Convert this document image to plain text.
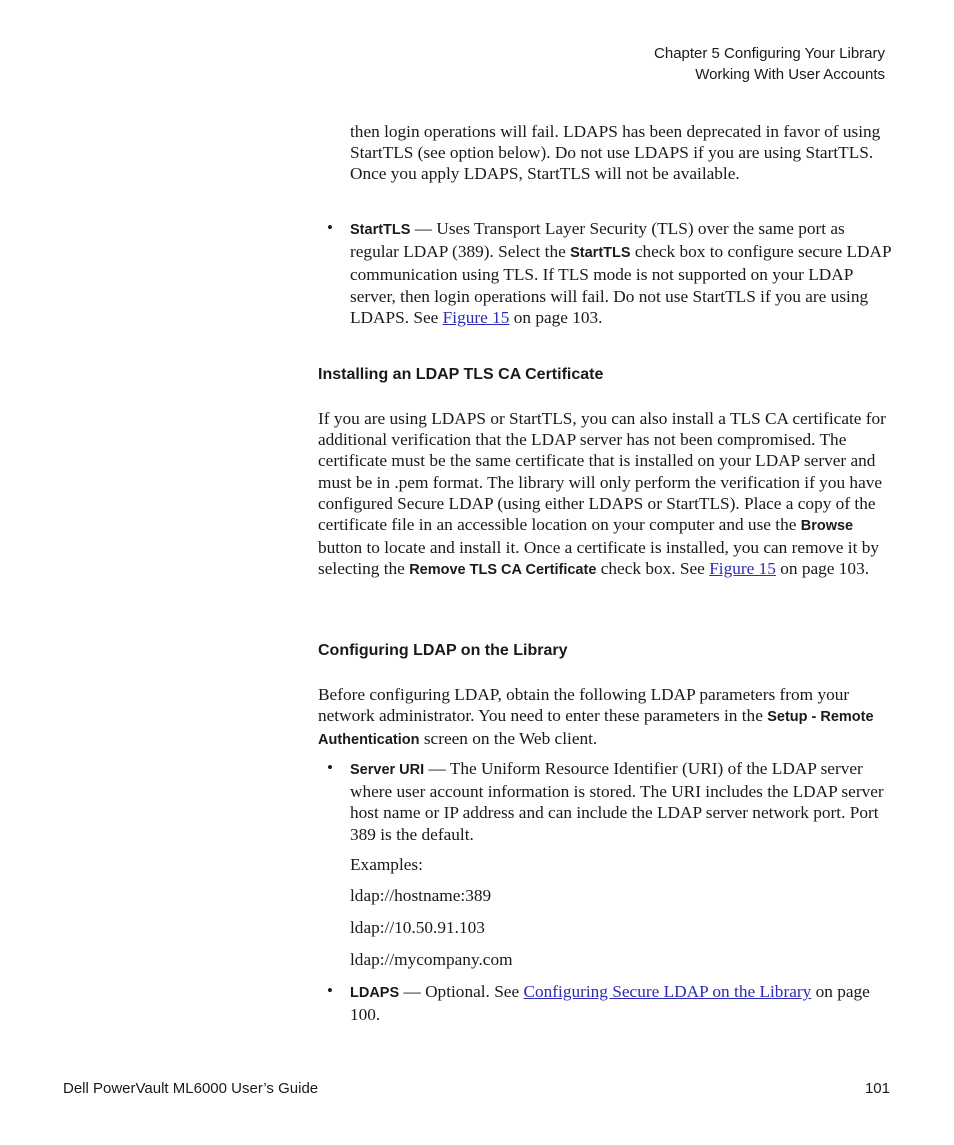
Chapter 5 Configuring Your Library
Working With User Accounts

then login operations will fail. LDAPS has been deprecated in favor of using StartTLS (see option below). Do not use LDAPS if you are using StartTLS. Once you apply LDAPS, StartTLS will not be available.

• StartTLS — Uses Transport Layer Security (TLS) over the same port as regular LDAP (389). Select the StartTLS check box to configure secure LDAP communication using TLS. If TLS mode is not supported on your LDAP server, then login operations will fail. Do not use StartTLS if you are using LDAPS. See Figure 15 on page 103.

Installing an LDAP TLS CA Certificate

If you are using LDAPS or StartTLS, you can also install a TLS CA certificate for additional verification that the LDAP server has not been compromised. The certificate must be the same certificate that is installed on your LDAP server and must be in .pem format. The library will only perform the verification if you have configured Secure LDAP (using either LDAPS or StartTLS). Place a copy of the certificate file in an accessible location on your computer and use the Browse button to locate and install it. Once a certificate is installed, you can remove it by selecting the Remove TLS CA Certificate check box. See Figure 15 on page 103.

Configuring LDAP on the Library

Before configuring LDAP, obtain the following LDAP parameters from your network administrator. You need to enter these parameters in the Setup - Remote Authentication screen on the Web client.

• Server URI — The Uniform Resource Identifier (URI) of the LDAP server where user account information is stored. The URI includes the LDAP server host name or IP address and can include the LDAP server network port. Port 389 is the default.

Examples:

ldap://hostname:389

ldap://10.50.91.103

ldap://mycompany.com

• LDAPS — Optional. See Configuring Secure LDAP on the Library on page 100.

Dell PowerVault ML6000 User’s Guide	101
